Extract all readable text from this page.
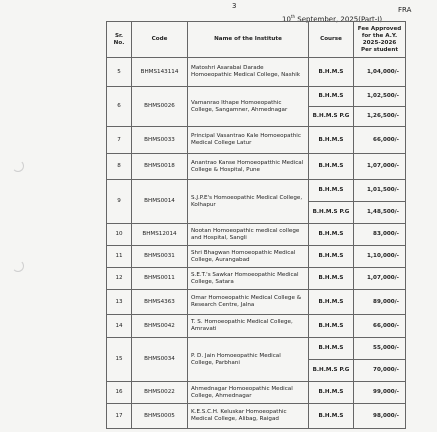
3	FRA
10th September, 2025(Part-I)
Sr. No.	Code	Name of the Institute	Course	Fee Approved for the A.Y. 2025-2026 Per student
5	BHMS143114	Matoshri Asarabai Darade Homoeopathic Medical College, Nashik	B.H.M.S	1,04,000/-
6	BHMS0026	Vamanrao Ithape Homoeopathic College, Sangamner, Ahmednagar	B.H.M.S	1,02,500/-
			B.H.M.S P.G	1,26,500/-
7	BHMS0033	Principal Vasantrao Kale Homoeopathic Medical College Latur	B.H.M.S	66,000/-
8	BHMS0018	Anantrao Kanse Homoeopatthic Medical College & Hospital, Pune	B.H.M.S	1,07,000/-
9	BHMS0014	S.J.P.E's Homoeopathic Medical College, Kolhapur	B.H.M.S	1,01,500/-
			B.H.M.S P.G	1,48,500/-
10	BHMS12014	Nootan Homoeopathic medical college and Hospital, Sangli	B.H.M.S	83,000/-
11	BHMS0031	Shri Bhagwan Homoeopathic Medical College, Aurangabad	B.H.M.S	1,10,000/-
12	BHMS0011	S.E.T.'s Sawkar Homoeopathic Medical College, Satara	B.H.M.S	1,07,000/-
13	BHMS4363	Omar Homoeopathic Medical College & Research Centre, Jalna	B.H.M.S	89,000/-
14	BHMS0042	T. S. Homoeopathic Medical College, Amravati	B.H.M.S	66,000/-
15	BHMS0034	P. D. Jain Homoeopathic Medical College, Parbhani	B.H.M.S	55,000/-
			B.H.M.S P.G	70,000/-
16	BHMS0022	Ahmednagar Homoeopathic Medical College, Ahmednagar	B.H.M.S	99,000/-
17	BHMS0005	K.E.S.C.H. Keluskar Homoeopathic Medical College, Alibag, Raigad	B.H.M.S	98,000/-
